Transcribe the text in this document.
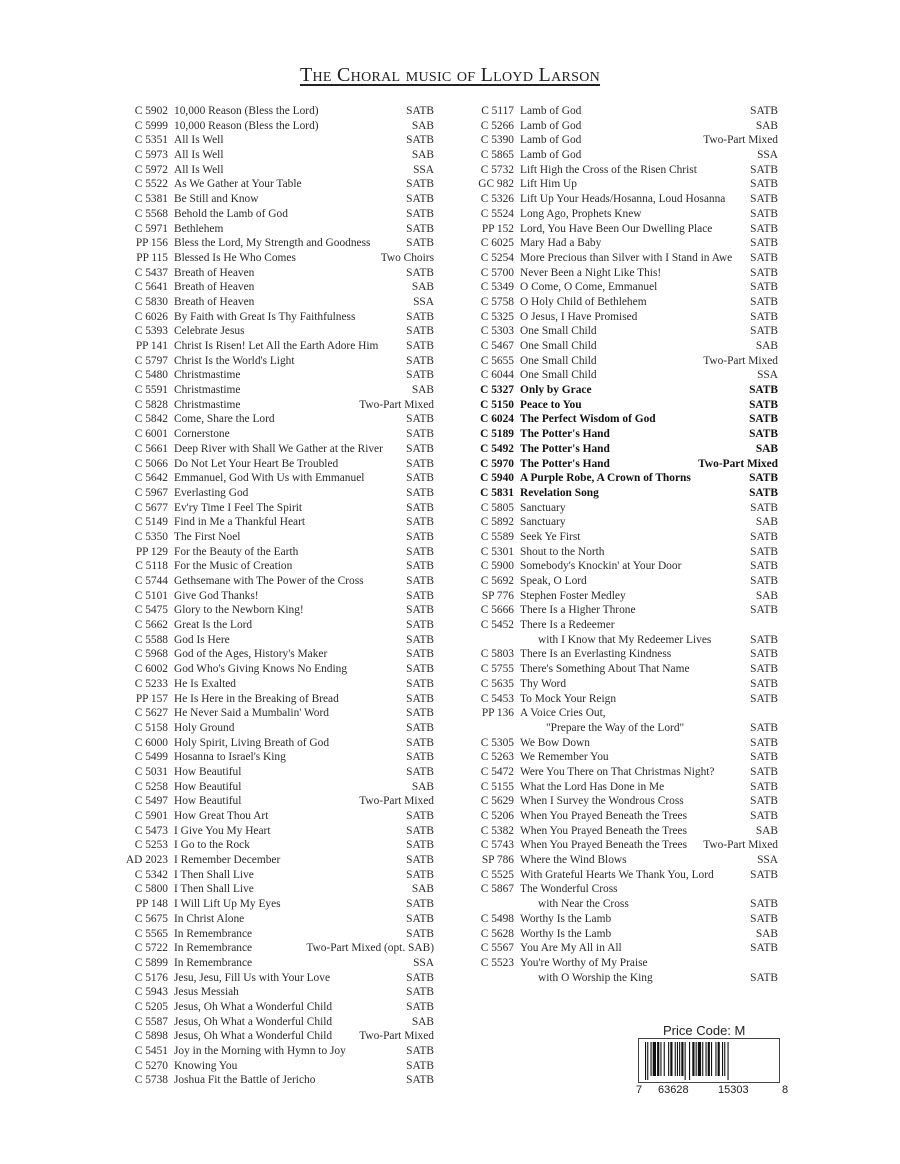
The Choral music of Lloyd Larson
C 5902 10,000 Reason (Bless the Lord)	SATB
C 5999 10,000 Reason (Bless the Lord)	SAB
C 5351 All Is Well	SATB
C 5973 All Is Well	SAB
C 5972 All Is Well	SSA
C 5522 As We Gather at Your Table	SATB
C 5381 Be Still and Know	SATB
C 5568 Behold the Lamb of God	SATB
C 5971 Bethlehem	SATB
PP 156 Bless the Lord, My Strength and Goodness	SATB
PP 115 Blessed Is He Who Comes	Two Choirs
C 5437 Breath of Heaven	SATB
C 5641 Breath of Heaven	SAB
C 5830 Breath of Heaven	SSA
C 6026 By Faith with Great Is Thy Faithfulness	SATB
C 5393 Celebrate Jesus	SATB
PP 141 Christ Is Risen! Let All the Earth Adore Him SATB
C 5797 Christ Is the World's Light	SATB
C 5480 Christmastime	SATB
C 5591 Christmastime	SAB
C 5828 Christmastime	Two-Part Mixed
C 5842 Come, Share the Lord	SATB
C 6001 Cornerstone	SATB
C 5661 Deep River with Shall We Gather at the River SATB
C 5066 Do Not Let Your Heart Be Troubled	SATB
C 5642 Emmanuel, God With Us with Emmanuel	SATB
C 5967 Everlasting God	SATB
C 5677 Ev'ry Time I Feel The Spirit	SATB
C 5149 Find in Me a Thankful Heart	SATB
C 5350 The First Noel	SATB
PP 129 For the Beauty of the Earth	SATB
C 5118 For the Music of Creation	SATB
C 5744 Gethsemane with The Power of the Cross	SATB
C 5101 Give God Thanks!	SATB
C 5475 Glory to the Newborn King!	SATB
C 5662 Great Is the Lord	SATB
C 5588 God Is Here	SATB
C 5968 God of the Ages, History's Maker	SATB
C 6002 God Who's Giving Knows No Ending	SATB
C 5233 He Is Exalted	SATB
PP 157 He Is Here in the Breaking of Bread	SATB
C 5627 He Never Said a Mumbalin' Word	SATB
C 5158 Holy Ground	SATB
C 6000 Holy Spirit, Living Breath of God	SATB
C 5499 Hosanna to Israel's King	SATB
C 5031 How Beautiful	SATB
C 5258 How Beautiful	SAB
C 5497 How Beautiful	Two-Part Mixed
C 5901 How Great Thou Art	SATB
C 5473 I Give You My Heart	SATB
C 5253 I Go to the Rock	SATB
AD 2023 I Remember December	SATB
C 5342 I Then Shall Live	SATB
C 5800 I Then Shall Live	SAB
PP 148 I Will Lift Up My Eyes	SATB
C 5675 In Christ Alone	SATB
C 5565 In Remembrance	SATB
C 5722 In Remembrance	Two-Part Mixed (opt. SAB)
C 5899 In Remembrance	SSA
C 5176 Jesu, Jesu, Fill Us with Your Love	SATB
C 5943 Jesus Messiah	SATB
C 5205 Jesus, Oh What a Wonderful Child	SATB
C 5587 Jesus, Oh What a Wonderful Child	SAB
C 5898 Jesus, Oh What a Wonderful Child Two-Part Mixed
C 5451 Joy in the Morning with Hymn to Joy	SATB
C 5270 Knowing You	SATB
C 5738 Joshua Fit the Battle of Jericho	SATB
C 5117 Lamb of God	SATB
C 5266 Lamb of God	SAB
C 5390 Lamb of God	Two-Part Mixed
C 5865 Lamb of God	SSA
C 5732 Lift High the Cross of the Risen Christ	SATB
GC 982 Lift Him Up	SATB
C 5326 Lift Up Your Heads/Hosanna, Loud Hosanna SATB
C 5524 Long Ago, Prophets Knew	SATB
PP 152 Lord, You Have Been Our Dwelling Place	SATB
C 6025 Mary Had a Baby	SATB
C 5254 More Precious than Silver with I Stand in Awe SATB
C 5700 Never Been a Night Like This!	SATB
C 5349 O Come, O Come, Emmanuel	SATB
C 5758 O Holy Child of Bethlehem	SATB
C 5325 O Jesus, I Have Promised	SATB
C 5303 One Small Child	SATB
C 5467 One Small Child	SAB
C 5655 One Small Child	Two-Part Mixed
C 6044 One Small Child	SSA
C 5327 Only by Grace	SATB
C 5150 Peace to You	SATB
C 6024 The Perfect Wisdom of God	SATB
C 5189 The Potter's Hand	SATB
C 5492 The Potter's Hand	SAB
C 5970 The Potter's Hand	Two-Part Mixed
C 5940 A Purple Robe, A Crown of Thorns	SATB
C 5831 Revelation Song	SATB
C 5805 Sanctuary	SATB
C 5892 Sanctuary	SAB
C 5589 Seek Ye First	SATB
C 5301 Shout to the North	SATB
C 5900 Somebody's Knockin' at Your Door	SATB
C 5692 Speak, O Lord	SATB
SP 776 Stephen Foster Medley	SAB
C 5666 There Is a Higher Throne	SATB
C 5452 There Is a Redeemer
with I Know that My Redeemer Lives	SATB
C 5803 There Is an Everlasting Kindness	SATB
C 5755 There's Something About That Name	SATB
C 5635 Thy Word	SATB
C 5453 To Mock Your Reign	SATB
PP 136 A Voice Cries Out,
"Prepare the Way of the Lord"	SATB
C 5305 We Bow Down	SATB
C 5263 We Remember You	SATB
C 5472 Were You There on That Christmas Night?	SATB
C 5155 What the Lord Has Done in Me	SATB
C 5629 When I Survey the Wondrous Cross	SATB
C 5206 When You Prayed Beneath the Trees	SATB
C 5382 When You Prayed Beneath the Trees	SAB
C 5743 When You Prayed Beneath the Trees Two-Part Mixed
SP 786 Where the Wind Blows	SSA
C 5525 With Grateful Hearts We Thank You, Lord	SATB
C 5867 The Wonderful Cross
with Near the Cross	SATB
C 5498 Worthy Is the Lamb	SATB
C 5628 Worthy Is the Lamb	SAB
C 5567 You Are My All in All	SATB
C 5523 You're Worthy of My Praise
with O Worship the King	SATB
Price Code: M
7 63628	15303	8
